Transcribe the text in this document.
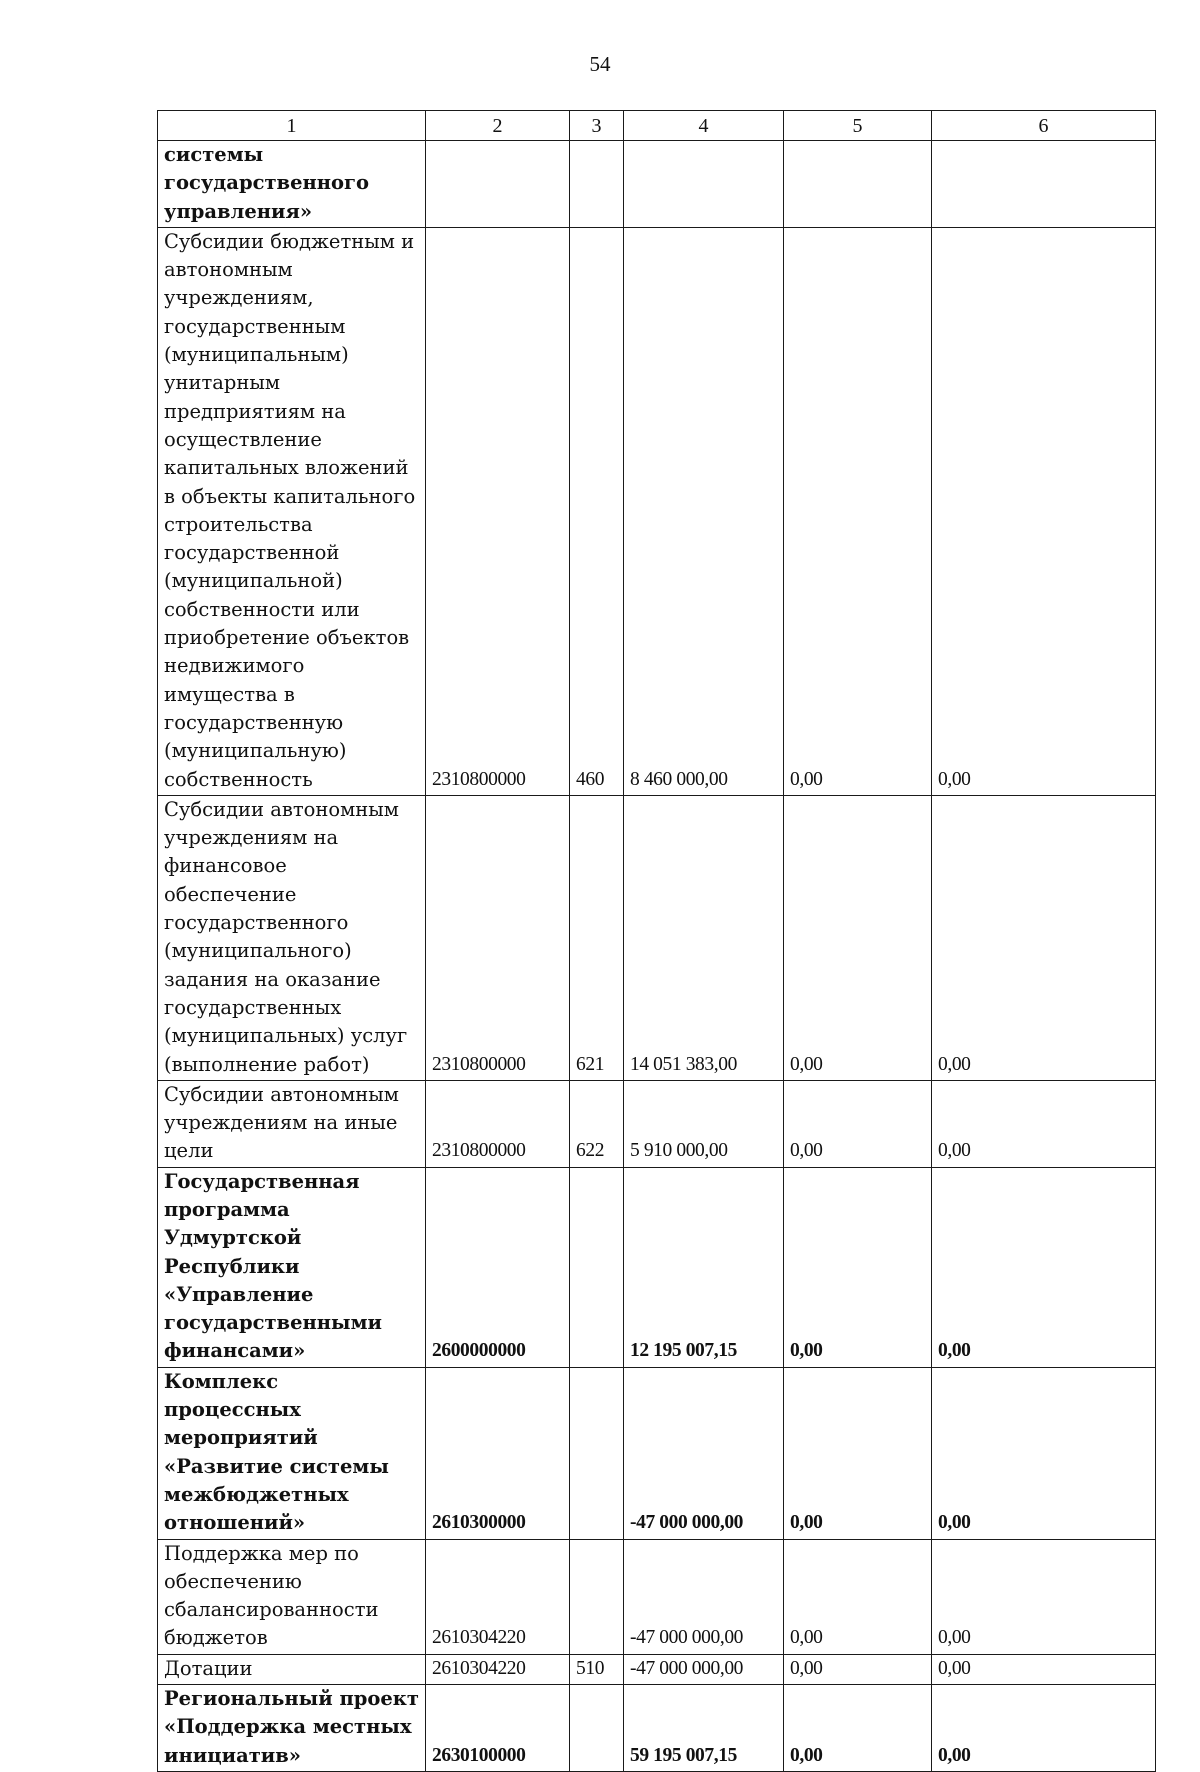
54
1	2	3	4	5	6
системы государственного управления»					
Субсидии бюджетным и автономным учреждениям, государственным (муниципальным) унитарным предприятиям на осуществление капитальных вложений в объекты капитального строительства государственной (муниципальной) собственности или приобретение объектов недвижимого имущества в государственную (муниципальную) собственность	2310800000	460	8 460 000,00	0,00	0,00
Субсидии автономным учреждениям на финансовое обеспечение государственного (муниципального) задания на оказание государственных (муниципальных) услуг (выполнение работ)	2310800000	621	14 051 383,00	0,00	0,00
Субсидии автономным учреждениям на иные цели	2310800000	622	5 910 000,00	0,00	0,00
Государственная программа Удмуртской Республики «Управление государственными финансами»	2600000000		12 195 007,15	0,00	0,00
Комплекс процессных мероприятий «Развитие системы межбюджетных отношений»	2610300000		-47 000 000,00	0,00	0,00
Поддержка мер по обеспечению сбалансированности бюджетов	2610304220		-47 000 000,00	0,00	0,00
Дотации	2610304220	510	-47 000 000,00	0,00	0,00
Региональный проект «Поддержка местных инициатив»	2630100000		59 195 007,15	0,00	0,00
